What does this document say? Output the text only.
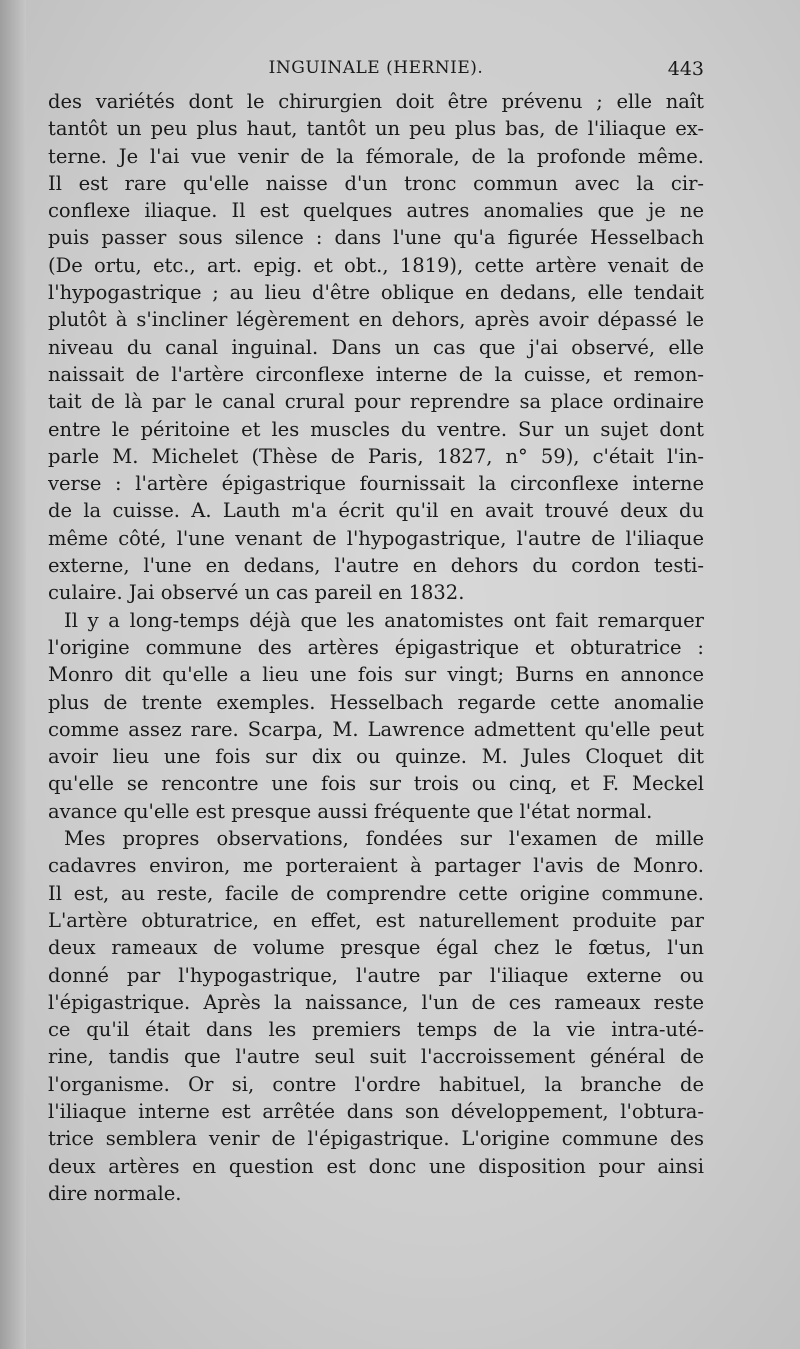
INGUINALE (HERNIE).	443
des variétés dont le chirurgien doit être prévenu ; elle naît
tantôt un peu plus haut, tantôt un peu plus bas, de l'iliaque ex-
terne. Je l'ai vue venir de la fémorale, de la profonde même.
Il est rare qu'elle naisse d'un tronc commun avec la cir-
conflexe iliaque. Il est quelques autres anomalies que je ne
puis passer sous silence : dans l'une qu'a figurée Hesselbach
(De ortu, etc., art. epig. et obt., 1819), cette artère venait de
l'hypogastrique ; au lieu d'être oblique en dedans, elle tendait
plutôt à s'incliner légèrement en dehors, après avoir dépassé le
niveau du canal inguinal. Dans un cas que j'ai observé, elle
naissait de l'artère circonflexe interne de la cuisse, et remon-
tait de là par le canal crural pour reprendre sa place ordinaire
entre le péritoine et les muscles du ventre. Sur un sujet dont
parle M. Michelet (Thèse de Paris, 1827, n° 59), c'était l'in-
verse : l'artère épigastrique fournissait la circonflexe interne
de la cuisse. A. Lauth m'a écrit qu'il en avait trouvé deux du
même côté, l'une venant de l'hypogastrique, l'autre de l'iliaque
externe, l'une en dedans, l'autre en dehors du cordon testi-
culaire. Jai observé un cas pareil en 1832.
Il y a long-temps déjà que les anatomistes ont fait remarquer
l'origine commune des artères épigastrique et obturatrice :
Monro dit qu'elle a lieu une fois sur vingt; Burns en annonce
plus de trente exemples. Hesselbach regarde cette anomalie
comme assez rare. Scarpa, M. Lawrence admettent qu'elle peut
avoir lieu une fois sur dix ou quinze. M. Jules Cloquet dit
qu'elle se rencontre une fois sur trois ou cinq, et F. Meckel
avance qu'elle est presque aussi fréquente que l'état normal.
Mes propres observations, fondées sur l'examen de mille
cadavres environ, me porteraient à partager l'avis de Monro.
Il est, au reste, facile de comprendre cette origine commune.
L'artère obturatrice, en effet, est naturellement produite par
deux rameaux de volume presque égal chez le fœtus, l'un
donné par l'hypogastrique, l'autre par l'iliaque externe ou
l'épigastrique. Après la naissance, l'un de ces rameaux reste
ce qu'il était dans les premiers temps de la vie intra-uté-
rine, tandis que l'autre seul suit l'accroissement général de
l'organisme. Or si, contre l'ordre habituel, la branche de
l'iliaque interne est arrêtée dans son développement, l'obtura-
trice semblera venir de l'épigastrique. L'origine commune des
deux artères en question est donc une disposition pour ainsi
dire normale.
